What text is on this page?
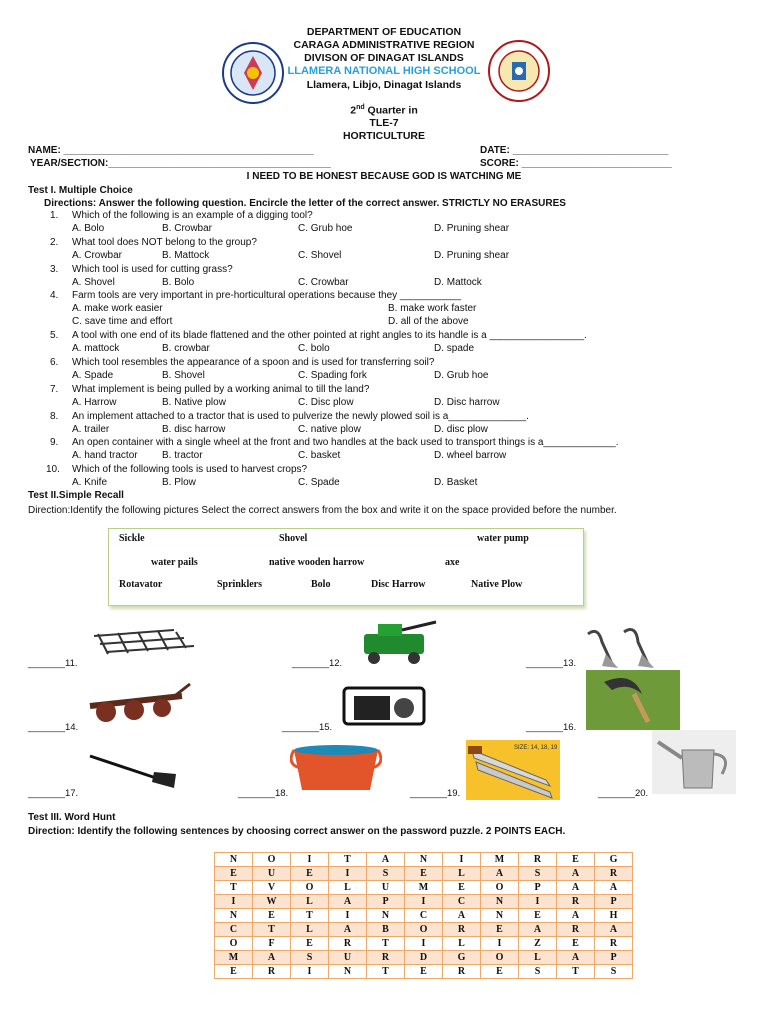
DEPARTMENT OF EDUCATION
CARAGA ADMINISTRATIVE REGION
DIVISON OF DINAGAT ISLANDS
LLAMERA NATIONAL HIGH SCHOOL
Llamera, Libjo, Dinagat Islands
2nd Quarter in
TLE-7
HORTICULTURE
NAME: _____________________________________________	DATE: ____________________________
YEAR/SECTION:________________________________________	SCORE: ___________________________
I NEED TO BE HONEST BECAUSE GOD IS WATCHING ME
Test I. Multiple Choice
Directions: Answer the following question. Encircle the letter of the correct answer. STRICTLY NO ERASURES
1. Which of the following is an example of a digging tool?
A. Bolo	B. Crowbar	C. Grub hoe	D. Pruning shear
2. What tool does NOT belong to the group?
A. Crowbar	B. Mattock	C. Shovel	D. Pruning shear
3. Which tool is used for cutting grass?
A. Shovel	B. Bolo	C. Crowbar	D. Mattock
4. Farm tools are very important in pre-horticultural operations because they ___________
A. make work easier	B. make work faster
C. save time and effort	D. all of the above
5. A tool with one end of its blade flattened and the other pointed at right angles to its handle is a _________________.
A. mattock	B. crowbar	C. bolo	D. spade
6. Which tool resembles the appearance of a spoon and is used for transferring soil?
A. Spade	B. Shovel	C. Spading fork	D. Grub hoe
7. What implement is being pulled by a working animal to till the land?
A. Harrow	B. Native plow	C. Disc plow	D. Disc harrow
8. An implement attached to a tractor that is used to pulverize the newly plowed soil is a______________.
A. trailer	B. disc harrow	C. native plow	D. disc plow
9. An open container with a single wheel at the front and two handles at the back used to transport things is a_____________.
A. hand tractor B. tractor	C. basket	D. wheel barrow
10. Which of the following tools is used to harvest crops?
A. Knife	B. Plow	C. Spade	D. Basket
Test II.Simple Recall
Direction:Identify the following pictures Select the correct answers from the box and write it on the space provided before the number.
Sickle	Shovel	water pump
water pails	native wooden harrow	axe
Rotavator	Sprinklers	Bolo	Disc Harrow	Native Plow
_______11.	_______12.	_______13.
_______14.	_______15.	_______16.
_______17.	_______18.
SIZE: 14, 18, 19
_______19.	_______20.
Test III. Word Hunt
Direction: Identify the following sentences by choosing correct answer on the password puzzle. 2 POINTS EACH.
N	O	I	T	A	N	I	M	R	E	G
E	U	E	I	S	E	L	A	S	A	R
T	V	O	L	U	M	E	O	P	A	A
I	W	L	A	P	I	C	N	I	R	P
N	E	T	I	N	C	A	N	E	A	H
C	T	L	A	B	O	R	E	A	R	A
O	F	E	R	T	I	L	I	Z	E	R
M	A	S	U	R	D	G	O	L	A	P
E	R	I	N	T	E	R	E	S	T	S
